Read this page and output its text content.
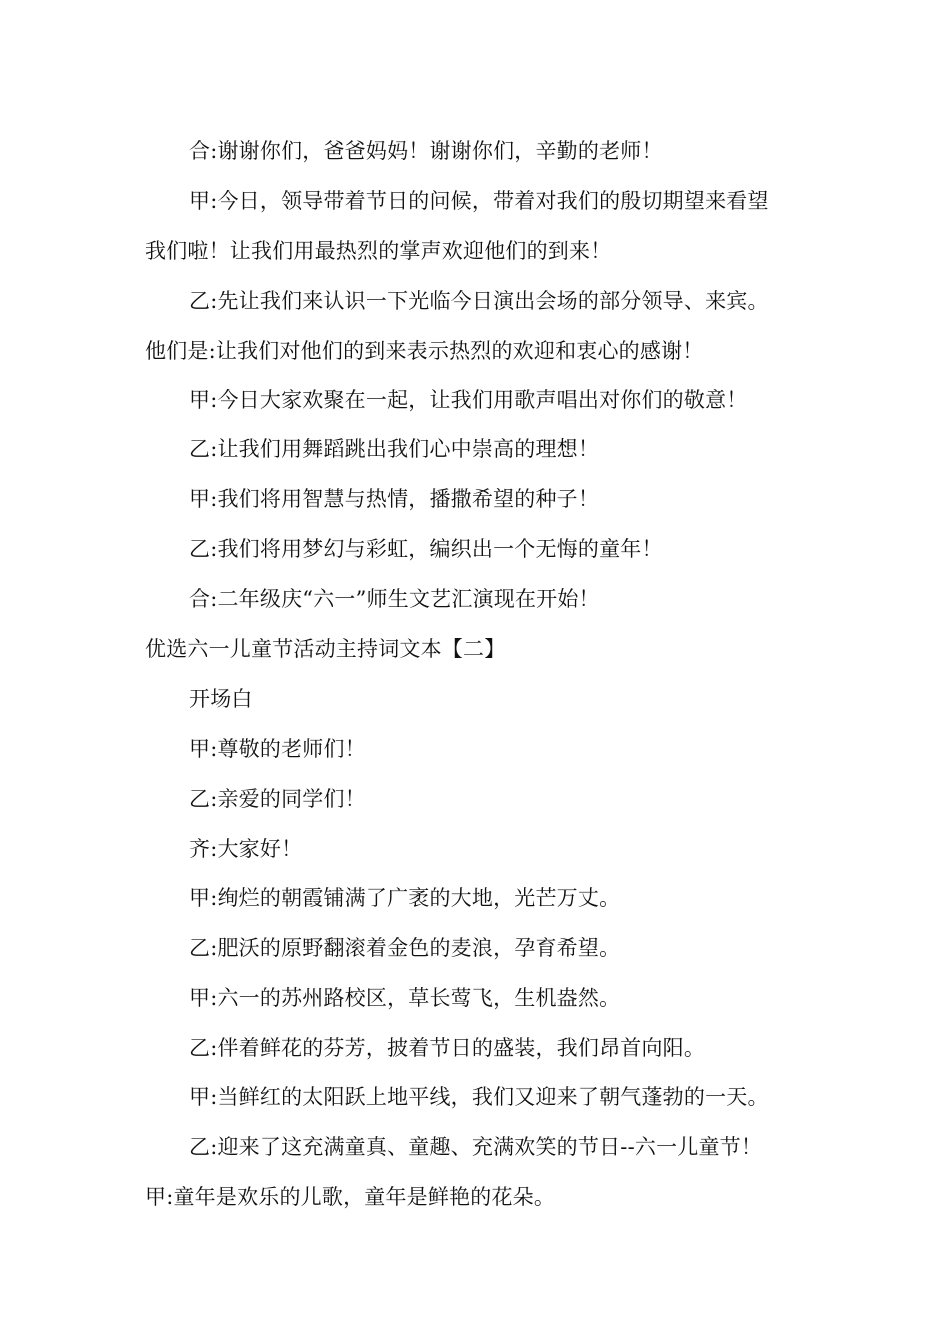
合:谢谢你们，爸爸妈妈！谢谢你们，辛勤的老师！
甲:今日，领导带着节日的问候，带着对我们的殷切期望来看望
我们啦！让我们用最热烈的掌声欢迎他们的到来！
乙:先让我们来认识一下光临今日演出会场的部分领导、来宾。
他们是:让我们对他们的到来表示热烈的欢迎和衷心的感谢！
甲:今日大家欢聚在一起，让我们用歌声唱出对你们的敬意！
乙:让我们用舞蹈跳出我们心中崇高的理想！
甲:我们将用智慧与热情，播撒希望的种子！
乙:我们将用梦幻与彩虹，编织出一个无悔的童年！
合:二年级庆“六一”师生文艺汇演现在开始！
优选六一儿童节活动主持词文本【二】
开场白
甲:尊敬的老师们！
乙:亲爱的同学们！
齐:大家好！
甲:绚烂的朝霞铺满了广袤的大地，光芒万丈。
乙:肥沃的原野翻滚着金色的麦浪，孕育希望。
甲:六一的苏州路校区，草长莺飞，生机盎然。
乙:伴着鲜花的芬芳，披着节日的盛装，我们昂首向阳。
甲:当鲜红的太阳跃上地平线，我们又迎来了朝气蓬勃的一天。
乙:迎来了这充满童真、童趣、充满欢笑的节日--六一儿童节！
甲:童年是欢乐的儿歌，童年是鲜艳的花朵。
